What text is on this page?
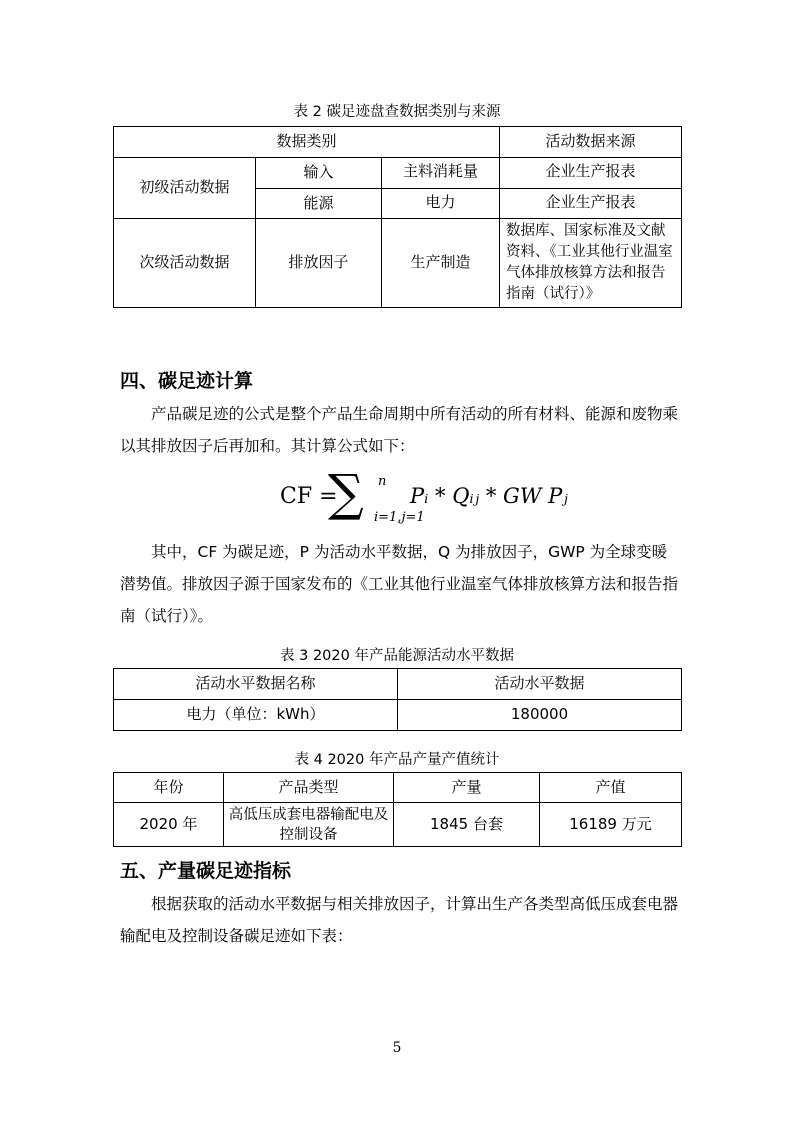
表 2 碳足迹盘查数据类别与来源
数据类别			活动数据来源
初级活动数据	输入	主料消耗量	企业生产报表
	能源	电力	企业生产报表
次级活动数据	排放因子	生产制造	数据库、国家标准及文献资料、《工业其他行业温室气体排放核算方法和报告指南（试行）》
四、碳足迹计算
产品碳足迹的公式是整个产品生命周期中所有活动的所有材料、能源和废物乘以其排放因子后再加和。其计算公式如下：
CF =
∑ n
i=1,j=1
Pᵢ * Qᵢⱼ * GW Pⱼ
其中，CF 为碳足迹，P 为活动水平数据，Q 为排放因子，GWP 为全球变暖潜势值。排放因子源于国家发布的《工业其他行业温室气体排放核算方法和报告指南（试行）》。
表 3 2020 年产品能源活动水平数据
活动水平数据名称	活动水平数据
电力（单位：kWh）	180000
表 4 2020 年产品产量产值统计
年份	产品类型	产量	产值
2020 年	高低压成套电器输配电及控制设备	1845 台套	16189 万元
五、产量碳足迹指标
根据获取的活动水平数据与相关排放因子，计算出生产各类型高低压成套电器输配电及控制设备碳足迹如下表：
5
